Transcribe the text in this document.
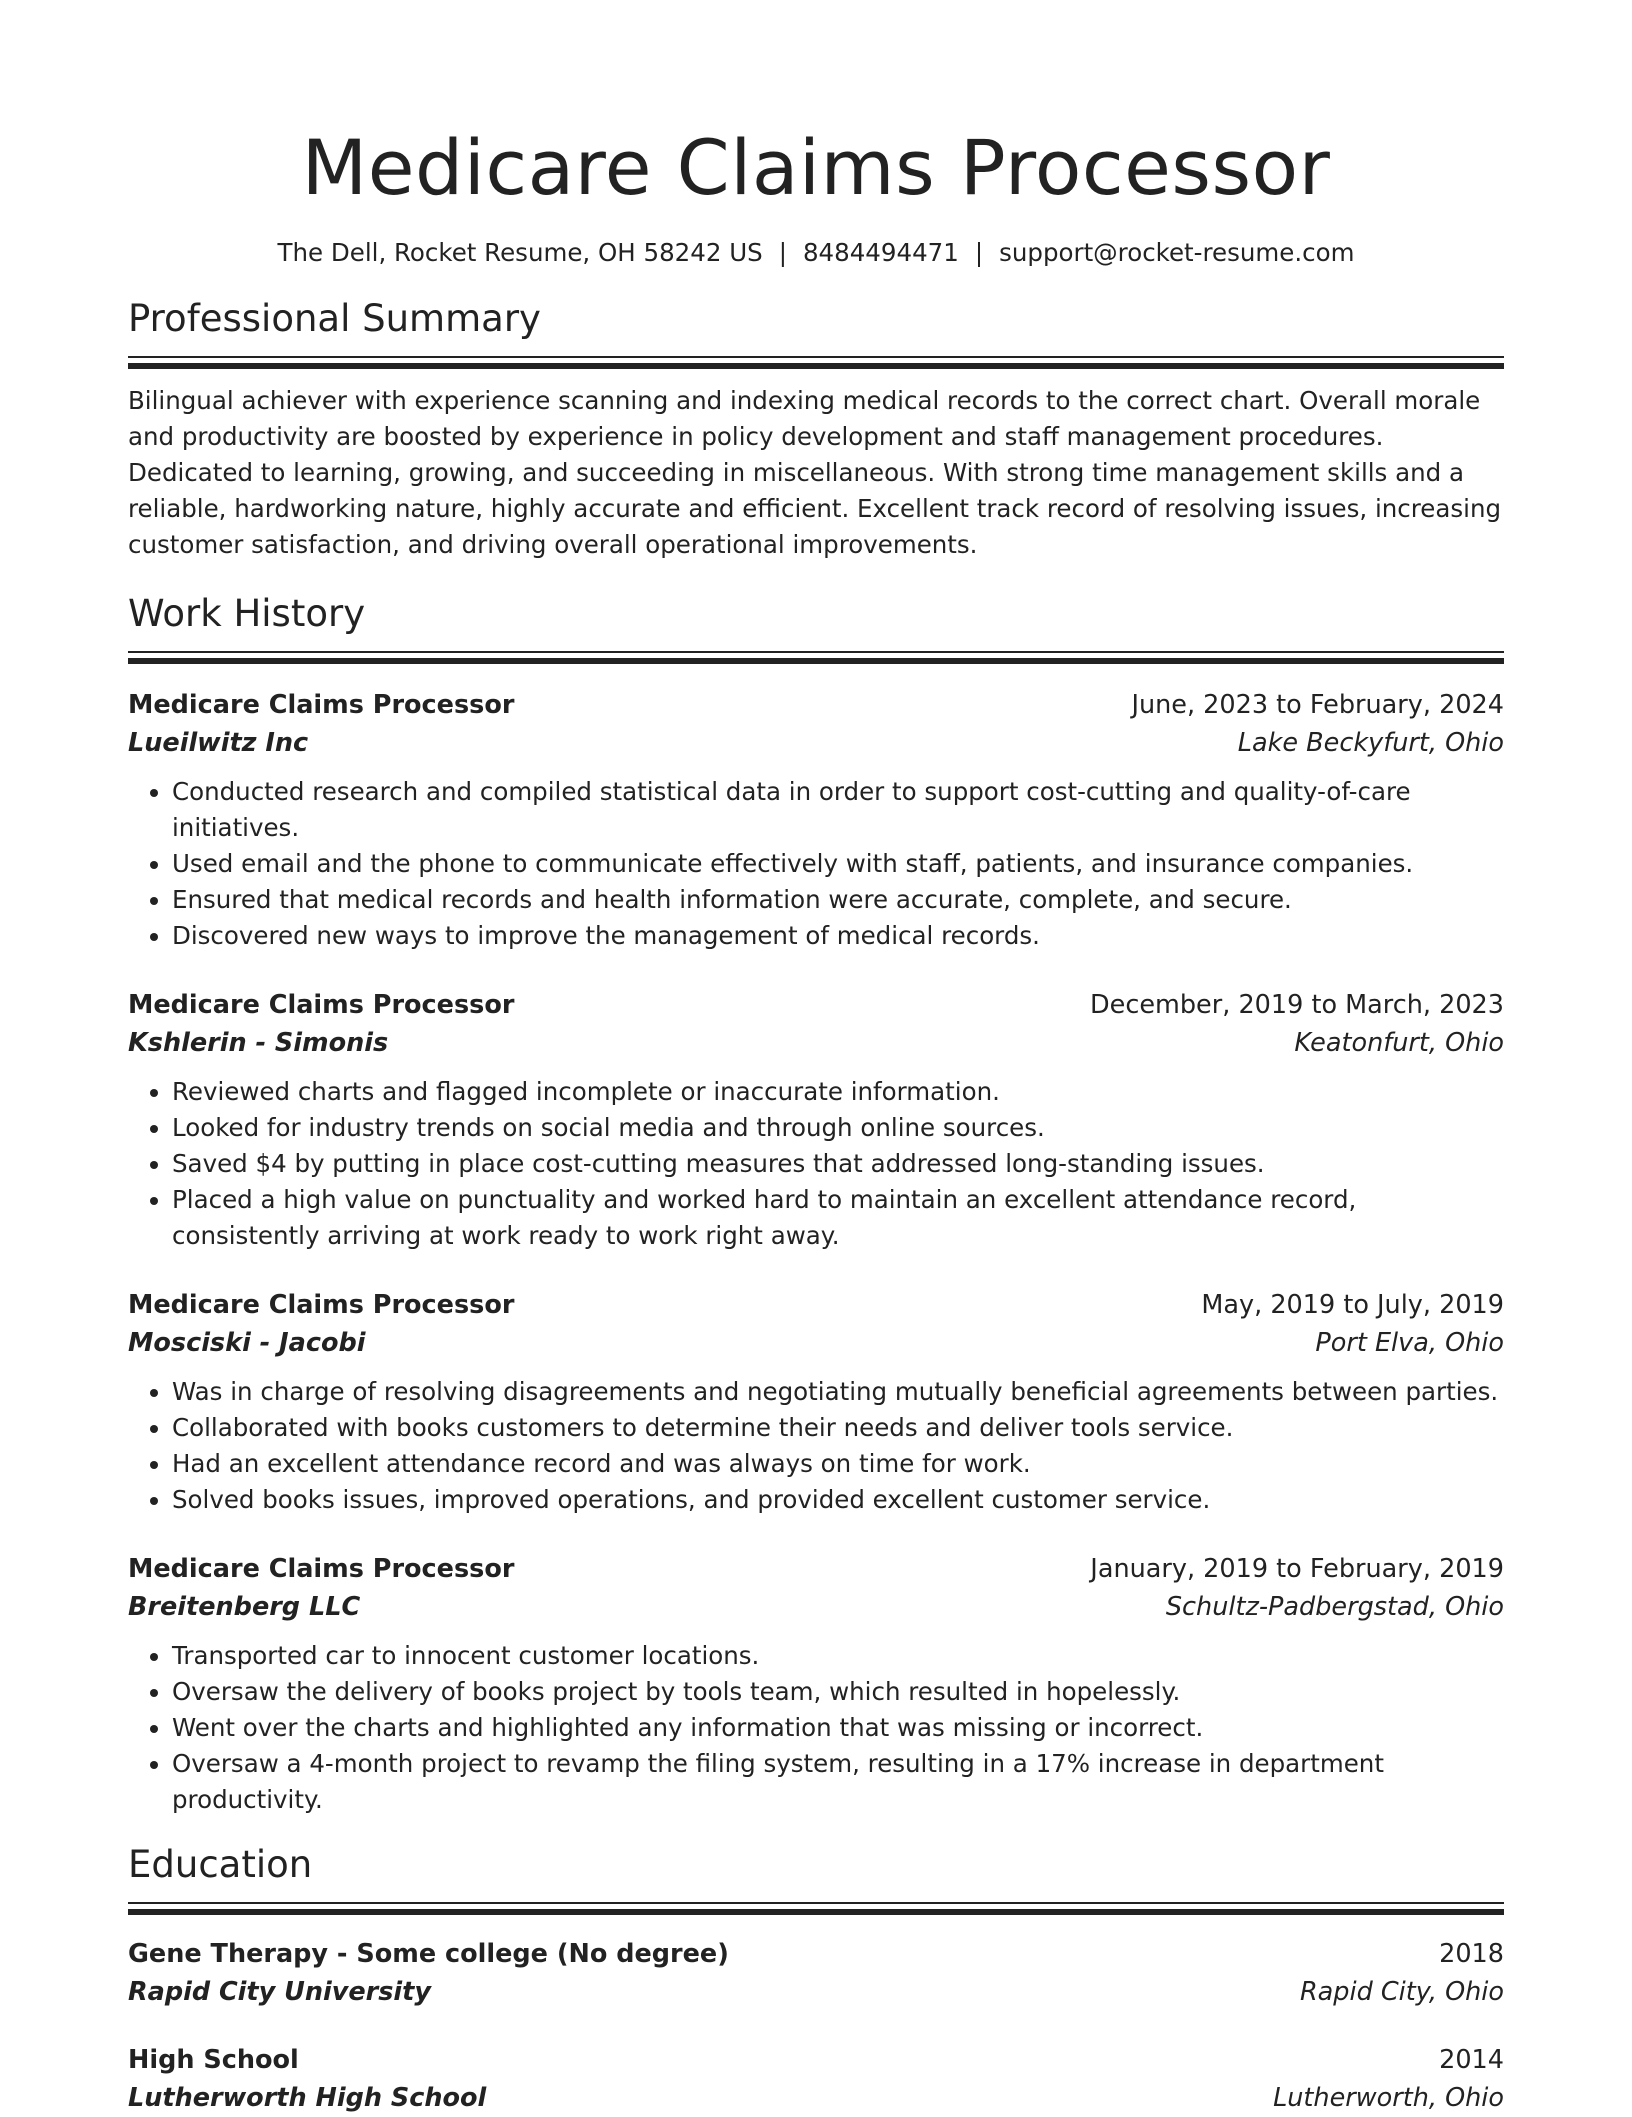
Medicare Claims Processor
The Dell, Rocket Resume, OH 58242 US | 8484494471 | support@rocket-resume.com
Professional Summary

Bilingual achiever with experience scanning and indexing medical records to the correct chart. Overall morale and productivity are boosted by experience in policy development and staff management procedures. Dedicated to learning, growing, and succeeding in miscellaneous. With strong time management skills and a reliable, hardworking nature, highly accurate and efficient. Excellent track record of resolving issues, increasing customer satisfaction, and driving overall operational improvements.

Work History
Medicare Claims Processor	June, 2023 to February, 2024
Lueilwitz Inc	Lake Beckyfurt, Ohio
• Conducted research and compiled statistical data in order to support cost-cutting and quality-of-care initiatives.
• Used email and the phone to communicate effectively with staff, patients, and insurance companies.
• Ensured that medical records and health information were accurate, complete, and secure.
• Discovered new ways to improve the management of medical records.
Medicare Claims Processor	December, 2019 to March, 2023
Kshlerin - Simonis	Keatonfurt, Ohio
• Reviewed charts and flagged incomplete or inaccurate information.
• Looked for industry trends on social media and through online sources.
• Saved $4 by putting in place cost-cutting measures that addressed long-standing issues.
• Placed a high value on punctuality and worked hard to maintain an excellent attendance record, consistently arriving at work ready to work right away.
Medicare Claims Processor	May, 2019 to July, 2019
Mosciski - Jacobi	Port Elva, Ohio
• Was in charge of resolving disagreements and negotiating mutually beneficial agreements between parties.
• Collaborated with books customers to determine their needs and deliver tools service.
• Had an excellent attendance record and was always on time for work.
• Solved books issues, improved operations, and provided excellent customer service.
Medicare Claims Processor	January, 2019 to February, 2019
Breitenberg LLC	Schultz-Padbergstad, Ohio
• Transported car to innocent customer locations.
• Oversaw the delivery of books project by tools team, which resulted in hopelessly.
• Went over the charts and highlighted any information that was missing or incorrect.
• Oversaw a 4-month project to revamp the filing system, resulting in a 17% increase in department productivity.
Education
Gene Therapy - Some college (No degree)	2018
Rapid City University	Rapid City, Ohio
High School	2014
Lutherworth High School	Lutherworth, Ohio
